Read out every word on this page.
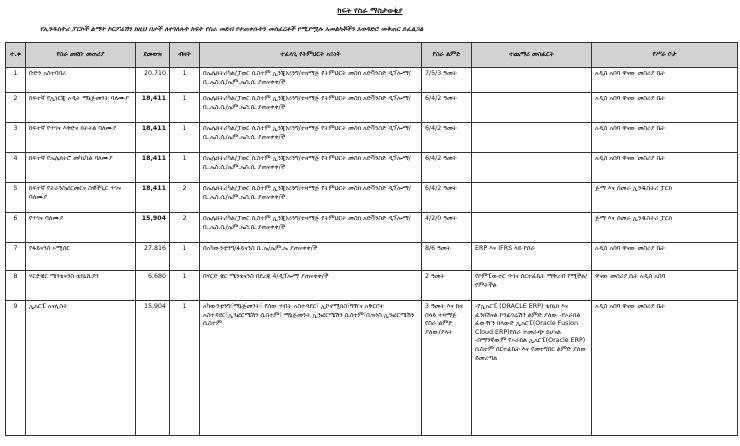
ክፍት የስራ ማስታወቂያ
የኢንዱስትሪ ፓርኮች ልማት ኮርፖሬሽን ከዚህ በታች ለተገለጹት ክፍት የስራ መደብ የተጠቀሱትን መስፈርቶች የሚያሟሉ አመልካቾችን አወዳድሮ መቅጠር ይፈልጋል
ተ.ቁ	የስራ መደቡ መጠሪያ	ደመወዝ	ብዛት	ተፈላጊ የትምህርት አይነት	የስራ ልምድ	ተጨማሪ መስፈርት	የሥራ ቦታ
1	ቡድን አስተባባሪ	20,710	1	በኤሌክትሪካል/ፓወር ሲስተም ኢንጂነሪንግ/ተዛማጅ የትምህርት መስክ አድቫንስድ ዲፕሎማ/ቢ.ኤስ.ሲ/ኤም.ኤስ.ሲ ያጠናቀቀ/ች	7/5/3 ዓመት		አዲስ አበባ ዋናው መስሪያ ቤት
2	ከፍተኛ የኢነርጂ ኦዲት ማኔጅመንት ባለሙያ	18,411	1	በኤሌክትሪካል/ፓወር ሲስተም ኢንጂነሪንግ/ተዛማጅ የትምህርት መስክ አድቫንስድ ዲፕሎማ/ቢ.ኤስ.ሲ/ኤም.ኤስ.ሲ ያጠናቀቀ/ች	6/4/2 ዓመት		አዲስ አበባ ዋናው መስሪያ ቤት
3	ከፍተኛ የጥገና እቅድና ክትትል ባለሙያ	18,411	1	በኤሌክትሪካል/ፓወር ሲስተም ኢንጂነሪንግ/ተዛማጅ የትምህርት መስክ አድቫንስድ ዲፕሎማ/ቢ.ኤስ.ሲ/ኤም.ኤስ.ሲ ያጠናቀቀ/ች	6/4/2 ዓመት		አዲስ አበባ ዋናው መስሪያ ቤት
4	ከፍተኛ የኤሌክትሮ መካኒካል ባለሙያ	18,411	1	በኤሌክትሪካል/ፓወር ሲስተም ኢንጂነሪንግ/ተዛማጅ የትምህርት መስክ አድቫንስድ ዲፕሎማ/ቢ.ኤስ.ሲ/ኤም.ኤስ.ሲ ያጠናቀቀ/ች	6/4/2 ዓመት		አዲስ አበባ ዋናው መስሪያ ቤት
5	ከፍተኛ የትራንስፎርመርና ስዊችጊር ጥገና ባለሙያ	18,411	2	በኤሌክትሪካል/ፓወር ሲስተም ኢንጂነሪንግ/ተዛማጅ የትምህርት መስክ አድቫንስድ ዲፕሎማ/ቢ.ኤስ.ሲ/ኤም.ኤስ.ሲ ያጠናቀቀ/ች	6/4/2 ዓመት		ጅማ እና ሰመራ ኢንዱስትሪ ፓርክ
6	የጥገና ባለሙያ	15,904	2	በኤሌክትሪካል/ፓወር ሲስተም ኢንጂነሪንግ/ተዛማጅ የትምህርት መስክ አድቫንስድ ዲፕሎማ/ቢ.ኤስ.ሲ/ኤም.ኤስ.ሲ ያጠናቀቀ/ች	4/2/0 ዓመት		ጅማ እና ሰመራ ኢንዱስትሪ ፓርክ
7	የፋይናንስ ኦሚሰር	27,816	1	በአካውንቲንግ/ፋይናንስ ቢ.ኤ/ኤም.ኤ ያጠናቀቀ/ች	8/6 ዓመት	ERP እና IFRS ላይ የሰራ	አዲስ አበባ ዋናው መስሪያ ቤት
8	ሃርድዌር ሜንቴናንስ ቴክኒሺያን	6,680	1	በሃርድ ዌር ሜንቴናንስ በደረጃ 4/ዲፕሎማ ያጠናቀቀ/ች	2 ዓመት	የኮምፒውተር ጥገና ሰርተፊኬት ማቅረብ የሚችል/የምትችል	ዋናው መስሪያ ቤት አዲስ አበባ
9	ኢአርፒ አናሊስት	15,904	1	አካውንቲንግ፣ማኔጅመንት፣ የሰው ሃብት አስተዳደር፣ ኢኮኖሚክስ፣ግዥና አቅርቦት አስተዳደር፣ኢንፎርሜሽን ሲስተም፣ ማኔጅመንት ኢንፎርሜሽን ሲስተም፣ቢዝነስ ኢንፎርሜሽን ሲስተም	3 ዓመት እና ከዛ በላይ ተዛማጅ የስራ ልምድ ያለው/ያላት	-የኢአርፒ (ORACLE ERP) ቴክኒክ እና ፈንክሽናል ኮንፊገሬሽን ልምድ ያለው -የኦራክል ፊውዥን ክላውድ ኢአርፒ(Oracle Fusion Cloud ERP)የሰራ ተመራጭ ይሆናል -በማንኛውም የኦራክል ኢአርፒ(Oracle ERP) ሲስተም ሰርተፊኬት እና የመተግበር ልምድ ያለው ይመረጣል	አዲስ አበባ ዋናው መስሪያ ቤት
